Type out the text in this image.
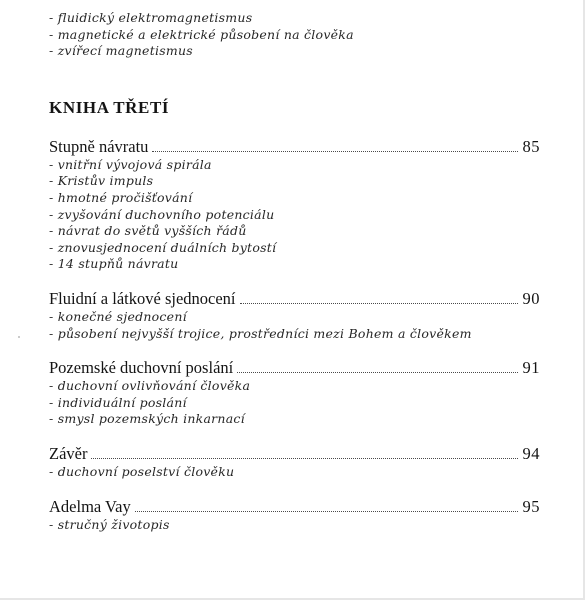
- fluidický elektromagnetismus
- magnetické a elektrické působení na člověka
- zvířecí magnetismus
KNIHA TŘETÍ
Stupně návratu	85
- vnitřní vývojová spirála
- Kristův impuls
- hmotné pročišťování
- zvyšování duchovního potenciálu
- návrat do světů vyšších řádů
- znovusjednocení duálních bytostí
- 14 stupňů návratu
Fluidní a látkové sjednocení	90
- konečné sjednocení
- působení nejvyšší trojice, prostředníci mezi Bohem a člověkem
Pozemské duchovní poslání	91
- duchovní ovlivňování člověka
- individuální poslání
- smysl pozemských inkarnací
Závěr	94
- duchovní poselství člověku
Adelma Vay	95
- stručný životopis
